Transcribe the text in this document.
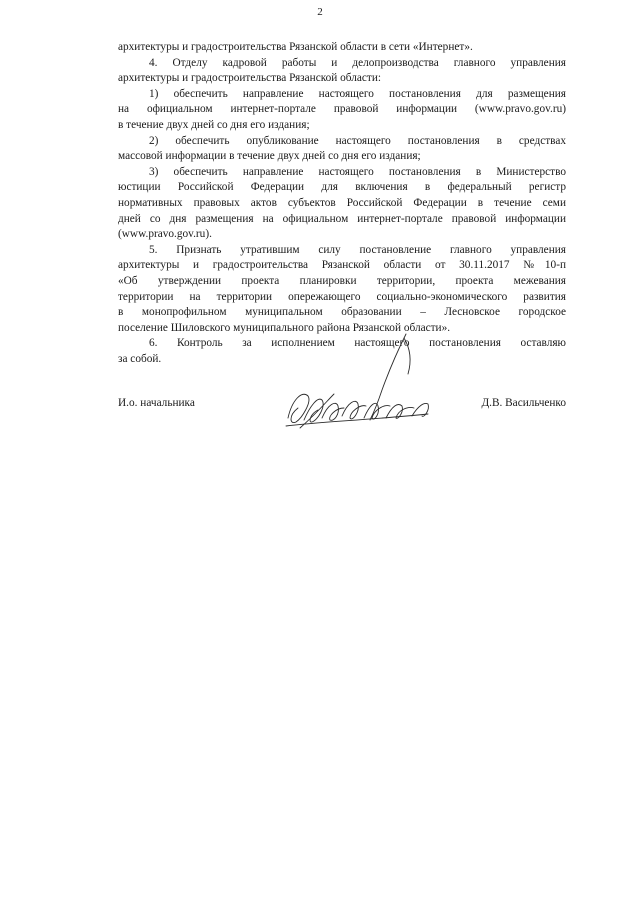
2
архитектуры и градостроительства Рязанской области в сети «Интернет».
4. Отделу кадровой работы и делопроизводства главного управления
архитектуры и градостроительства Рязанской области:
1) обеспечить направление настоящего постановления для размещения
на официальном интернет-портале правовой информации (www.pravo.gov.ru)
в течение двух дней со дня его издания;
2) обеспечить опубликование настоящего постановления в средствах
массовой информации в течение двух дней со дня его издания;
3) обеспечить направление настоящего постановления в Министерство
юстиции Российской Федерации для включения в федеральный регистр
нормативных правовых актов субъектов Российской Федерации в течение семи
дней со дня размещения на официальном интернет-портале правовой информации
(www.pravo.gov.ru).
5. Признать утратившим силу постановление главного управления
архитектуры и градостроительства Рязанской области от 30.11.2017 №10-п
«Об утверждении проекта планировки территории, проекта межевания
территории на территории опережающего социально-экономического развития
в монопрофильном муниципальном образовании – Лесновское городское
поселение Шиловского муниципального района Рязанской области».
6. Контроль за исполнением настоящего постановления оставляю
за собой.
И.о. начальника	Д.В. Васильченко
